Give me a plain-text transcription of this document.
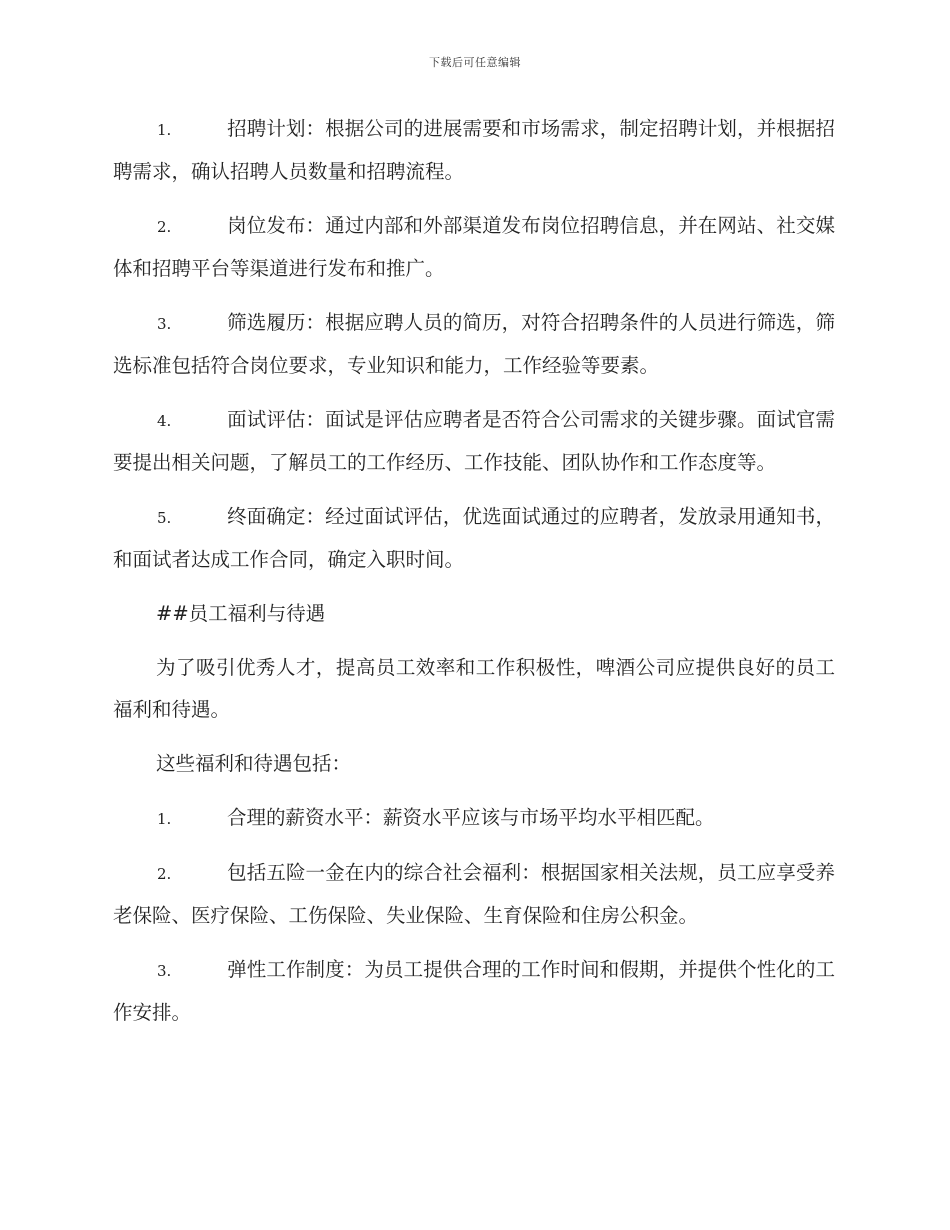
下载后可任意编辑

1.	招聘计划：根据公司的进展需要和市场需求，制定招聘计划，并根据招聘需求，确认招聘人员数量和招聘流程。

2.	岗位发布：通过内部和外部渠道发布岗位招聘信息，并在网站、社交媒体和招聘平台等渠道进行发布和推广。

3.	筛选履历：根据应聘人员的简历，对符合招聘条件的人员进行筛选，筛选标准包括符合岗位要求，专业知识和能力，工作经验等要素。

4.	面试评估：面试是评估应聘者是否符合公司需求的关键步骤。面试官需要提出相关问题，了解员工的工作经历、工作技能、团队协作和工作态度等。

5.	终面确定：经过面试评估，优选面试通过的应聘者，发放录用通知书，和面试者达成工作合同，确定入职时间。

##员工福利与待遇

为了吸引优秀人才，提高员工效率和工作积极性，啤酒公司应提供良好的员工福利和待遇。

这些福利和待遇包括：

1.	合理的薪资水平：薪资水平应该与市场平均水平相匹配。

2.	包括五险一金在内的综合社会福利：根据国家相关法规，员工应享受养老保险、医疗保险、工伤保险、失业保险、生育保险和住房公积金。

3.	弹性工作制度：为员工提供合理的工作时间和假期，并提供个性化的工作安排。
